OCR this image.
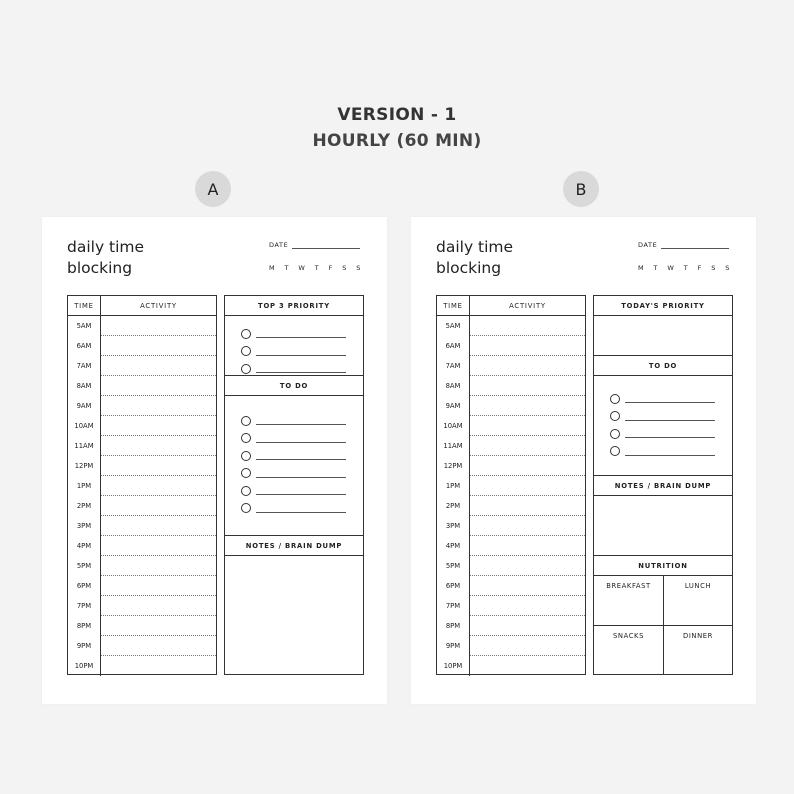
VERSION - 1
HOURLY (60 MIN)
A	B
daily time
blocking
DATE
M T W T F S S
TIME	ACTIVITY
5AM
6AM
7AM
8AM
9AM
10AM
11AM
12PM
1PM
2PM
3PM
4PM
5PM
6PM
7PM
8PM
9PM
10PM
TOP 3 PRIORITY
TO DO
NOTES / BRAIN DUMP
daily time
blocking
DATE
M T W T F S S
TIME	ACTIVITY
5AM
6AM
7AM
8AM
9AM
10AM
11AM
12PM
1PM
2PM
3PM
4PM
5PM
6PM
7PM
8PM
9PM
10PM
TODAY'S PRIORITY
TO DO
NOTES / BRAIN DUMP
NUTRITION
BREAKFAST	LUNCH
SNACKS	DINNER
